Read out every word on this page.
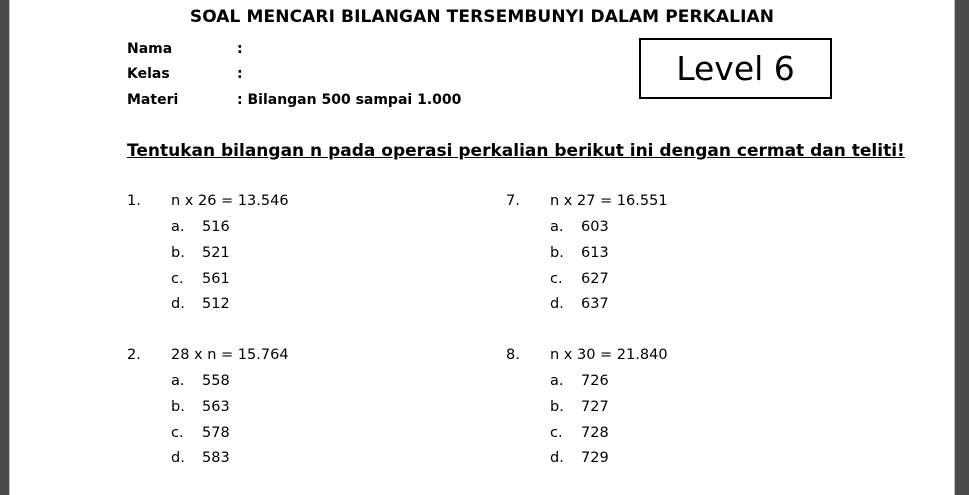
SOAL MENCARI BILANGAN TERSEMBUNYI DALAM PERKALIAN
Nama	:
Kelas	:
Materi	: Bilangan 500 sampai 1.000
Level 6
Tentukan bilangan n pada operasi perkalian berikut ini dengan cermat dan teliti!
1. n x 26 = 13.546
a. 516
b. 521
c. 561
d. 512
7. n x 27 = 16.551
a. 603
b. 613
c. 627
d. 637
2. 28 x n = 15.764
a. 558
b. 563
c. 578
d. 583
8. n x 30 = 21.840
a. 726
b. 727
c. 728
d. 729
